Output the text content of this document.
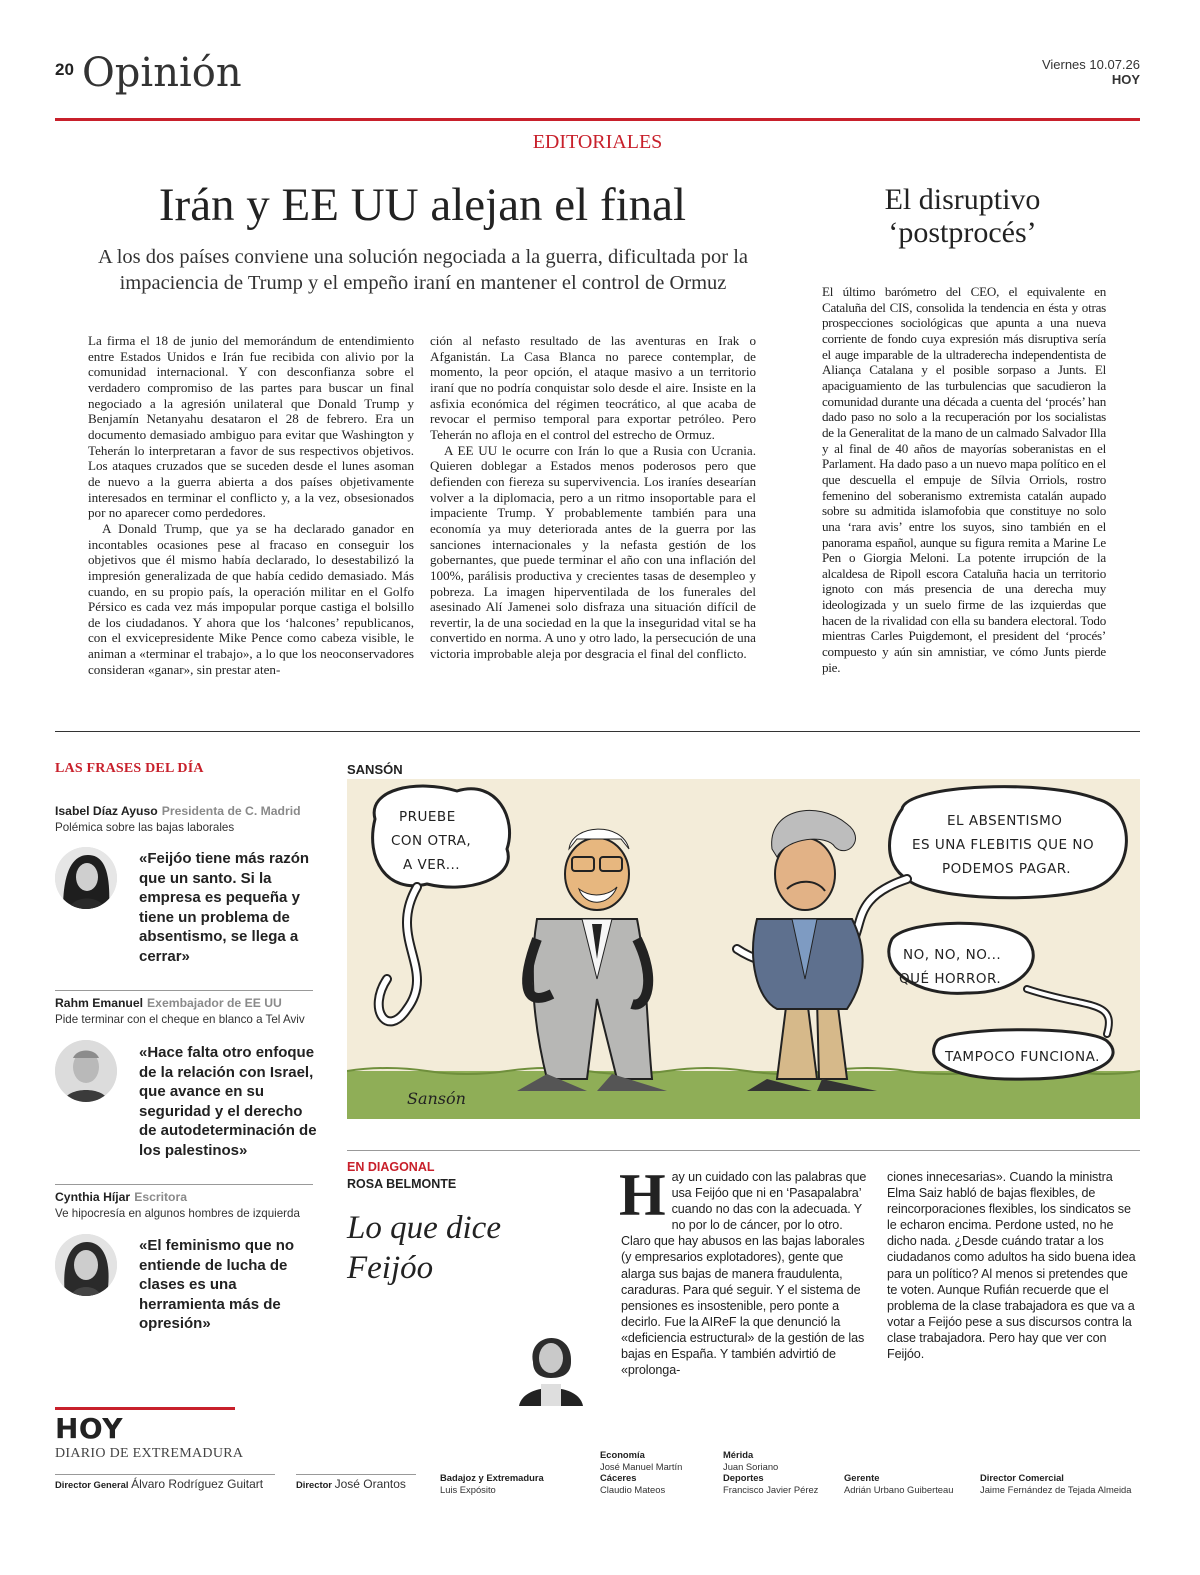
20 Opinión	Viernes 10.07.26
HOY
EDITORIALES
Irán y EE UU alejan el final
A los dos países conviene una solución negociada a la guerra, dificultada por la impaciencia de Trump y el empeño iraní en mantener el control de Ormuz

La firma el 18 de junio del memorándum de entendimiento entre Estados Unidos e Irán fue recibida con alivio por la comunidad internacional. Y con desconfianza sobre el verdadero compromiso de las partes para buscar un final negociado a la agresión unilateral que Donald Trump y Benjamín Netanyahu desataron el 28 de febrero. Era un documento demasiado ambiguo para evitar que Washington y Teherán lo interpretaran a favor de sus respectivos objetivos. Los ataques cruzados que se suceden desde el lunes asoman de nuevo a la guerra abierta a dos países objetivamente interesados en terminar el conflicto y, a la vez, obsesionados por no aparecer como perdedores.

A Donald Trump, que ya se ha declarado ganador en incontables ocasiones pese al fracaso en conseguir los objetivos que él mismo había declarado, lo desestabilizó la impresión generalizada de que había cedido demasiado. Más cuando, en su propio país, la operación militar en el Golfo Pérsico es cada vez más impopular porque castiga el bolsillo de los ciudadanos. Y ahora que los ‘halcones’ republicanos, con el exvicepresidente Mike Pence como cabeza visible, le animan a «terminar el trabajo», a lo que los neoconservadores consideran «ganar», sin prestar aten-

ción al nefasto resultado de las aventuras en Irak o Afganistán. La Casa Blanca no parece contemplar, de momento, la peor opción, el ataque masivo a un territorio iraní que no podría conquistar solo desde el aire. Insiste en la asfixia económica del régimen teocrático, al que acaba de revocar el permiso temporal para exportar petróleo. Pero Teherán no afloja en el control del estrecho de Ormuz.

A EE UU le ocurre con Irán lo que a Rusia con Ucrania. Quieren doblegar a Estados menos poderosos pero que defienden con fiereza su supervivencia. Los iraníes desearían volver a la diplomacia, pero a un ritmo insoportable para el impaciente Trump. Y probablemente también para una economía ya muy deteriorada antes de la guerra por las sanciones internacionales y la nefasta gestión de los gobernantes, que puede terminar el año con una inflación del 100%, parálisis productiva y crecientes tasas de desempleo y pobreza. La imagen hiperventilada de los funerales del asesinado Alí Jamenei solo disfraza una situación difícil de revertir, la de una sociedad en la que la inseguridad vital se ha convertido en norma. A uno y otro lado, la persecución de una victoria improbable aleja por desgracia el final del conflicto.

El disruptivo
‘postprocés’
El último barómetro del CEO, el equivalente en Cataluña del CIS, consolida la tendencia en ésta y otras prospecciones sociológicas que apunta a una nueva corriente de fondo cuya expresión más disruptiva sería el auge imparable de la ultraderecha independentista de Aliança Catalana y el posible sorpaso a Junts. El apaciguamiento de las turbulencias que sacudieron la comunidad durante una década a cuenta del ‘procés’ han dado paso no solo a la recuperación por los socialistas de la Generalitat de la mano de un calmado Salvador Illa y al final de 40 años de mayorías soberanistas en el Parlament. Ha dado paso a un nuevo mapa político en el que descuella el empuje de Sílvia Orriols, rostro femenino del soberanismo extremista catalán aupado sobre su admitida islamofobia que constituye no solo una ‘rara avis’ entre los suyos, sino también en el panorama español, aunque su figura remita a Marine Le Pen o Giorgia Meloni. La potente irrupción de la alcaldesa de Ripoll escora Cataluña hacia un territorio ignoto con más presencia de una derecha muy ideologizada y un suelo firme de las izquierdas que hacen de la rivalidad con ella su bandera electoral. Todo mientras Carles Puigdemont, el president del ‘procés’ compuesto y aún sin amnistiar, ve cómo Junts pierde pie.
LAS FRASES DEL DÍA
Isabel Díaz Ayuso Presidenta de C. Madrid
Polémica sobre las bajas laborales
«Feijóo tiene más razón que un santo. Si la empresa es pequeña y tiene un problema de absentismo, se llega a cerrar»
Rahm Emanuel Exembajador de EE UU
Pide terminar con el cheque en blanco a Tel Aviv
«Hace falta otro enfoque de la relación con Israel, que avance en su seguridad y el derecho de autodeterminación de los palestinos»
Cynthia Híjar Escritora
Ve hipocresía en algunos hombres de izquierda
«El feminismo que no entiende de lucha de clases es una herramienta más de opresión»
SANSÓN
PRUEBE
CON OTRA,
A VER...
EL ABSENTISMO
ES UNA FLEBITIS QUE NO
PODEMOS PAGAR.
NO, NO, NO...
QUÉ HORROR.
TAMPOCO FUNCIONA.
Sansón
EN DIAGONAL
ROSA BELMONTE
Lo que dice
Feijóo
Hay un cuidado con las palabras que usa Feijóo que ni en ‘Pasapalabra’ cuando no das con la adecuada. Y no por lo de cáncer, por lo otro. Claro que hay abusos en las bajas laborales (y empresarios explotadores), gente que alarga sus bajas de manera fraudulenta, caraduras. Para qué seguir. Y el sistema de pensiones es insostenible, pero ponte a decirlo. Fue la AIReF la que denunció la «deficiencia estructural» de la gestión de las bajas en España. Y también advirtió de «prolonga-
ciones innecesarias». Cuando la ministra Elma Saiz habló de bajas flexibles, de reincorporaciones flexibles, los sindicatos se le echaron encima. Perdone usted, no he dicho nada. ¿Desde cuándo tratar a los ciudadanos como adultos ha sido buena idea para un político? Al menos si pretendes que te voten. Aunque Rufián recuerde que el problema de la clase trabajadora es que va a votar a Feijóo pese a sus discursos contra la clase trabajadora. Pero hay que ver con Feijóo.
HOY
DIARIO DE EXTREMADURA
Director General Álvaro Rodríguez Guitart	Director José Orantos	Badajoz y Extremadura
Luis Expósito
Economía
José Manuel Martín
Cáceres
Claudio Mateos
Mérida
Juan Soriano
Deportes
Francisco Javier Pérez
Gerente
Adrián Urbano Guiberteau
Director Comercial
Jaime Fernández de Tejada Almeida
